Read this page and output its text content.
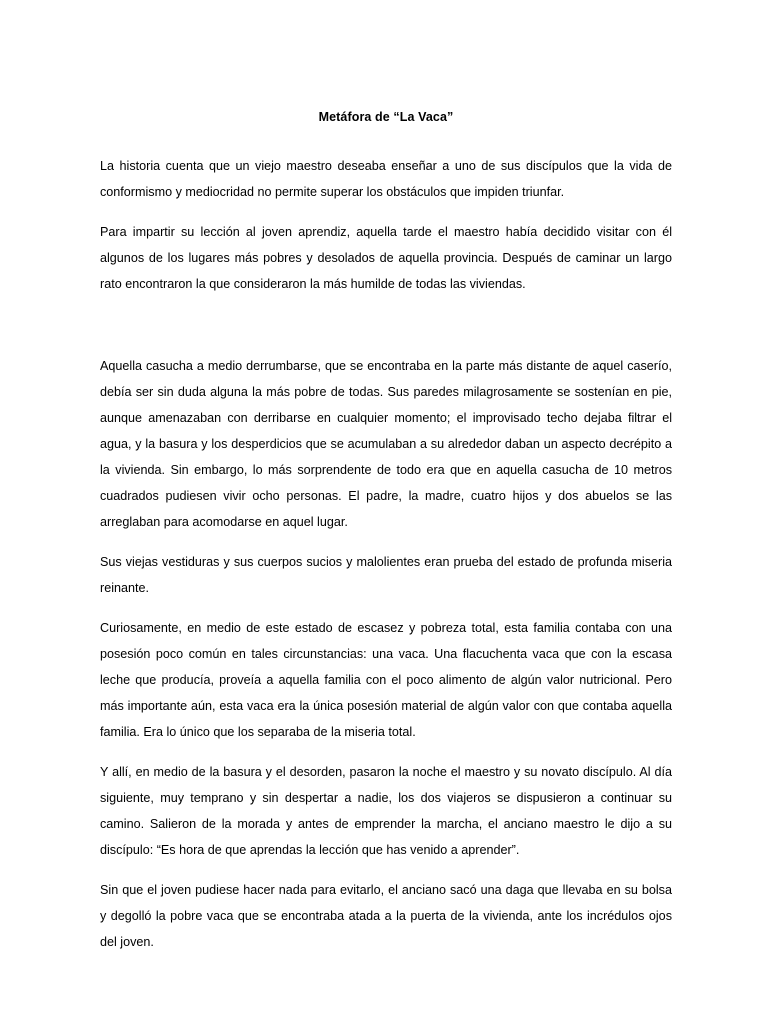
Metáfora de “La Vaca”

La historia cuenta que un viejo maestro deseaba enseñar a uno de sus discípulos que la vida de conformismo y mediocridad no permite superar los obstáculos que impiden triunfar.

Para impartir su lección al joven aprendiz, aquella tarde el maestro había decidido visitar con él algunos de los lugares más pobres y desolados de aquella provincia. Después de caminar un largo rato encontraron la que consideraron la más humilde de todas las viviendas.

Aquella casucha a medio derrumbarse, que se encontraba en la parte más distante de aquel caserío, debía ser sin duda alguna la más pobre de todas. Sus paredes milagrosamente se sostenían en pie, aunque amenazaban con derribarse en cualquier momento; el improvisado techo dejaba filtrar el agua, y la basura y los desperdicios que se acumulaban a su alrededor daban un aspecto decrépito a la vivienda. Sin embargo, lo más sorprendente de todo era que en aquella casucha de 10 metros cuadrados pudiesen vivir ocho personas. El padre, la madre, cuatro hijos y dos abuelos se las arreglaban para acomodarse en aquel lugar.

Sus viejas vestiduras y sus cuerpos sucios y malolientes eran prueba del estado de profunda miseria reinante.

Curiosamente, en medio de este estado de escasez y pobreza total, esta familia contaba con una posesión poco común en tales circunstancias: una vaca. Una flacuchenta vaca que con la escasa leche que producía, proveía a aquella familia con el poco alimento de algún valor nutricional. Pero más importante aún, esta vaca era la única posesión material de algún valor con que contaba aquella familia. Era lo único que los separaba de la miseria total.

Y allí, en medio de la basura y el desorden, pasaron la noche el maestro y su novato discípulo. Al día siguiente, muy temprano y sin despertar a nadie, los dos viajeros se dispusieron a continuar su camino. Salieron de la morada y antes de emprender la marcha, el anciano maestro le dijo a su discípulo: “Es hora de que aprendas la lección que has venido a aprender”.

Sin que el joven pudiese hacer nada para evitarlo, el anciano sacó una daga que llevaba en su bolsa y degolló la pobre vaca que se encontraba atada a la puerta de la vivienda, ante los incrédulos ojos del joven.
